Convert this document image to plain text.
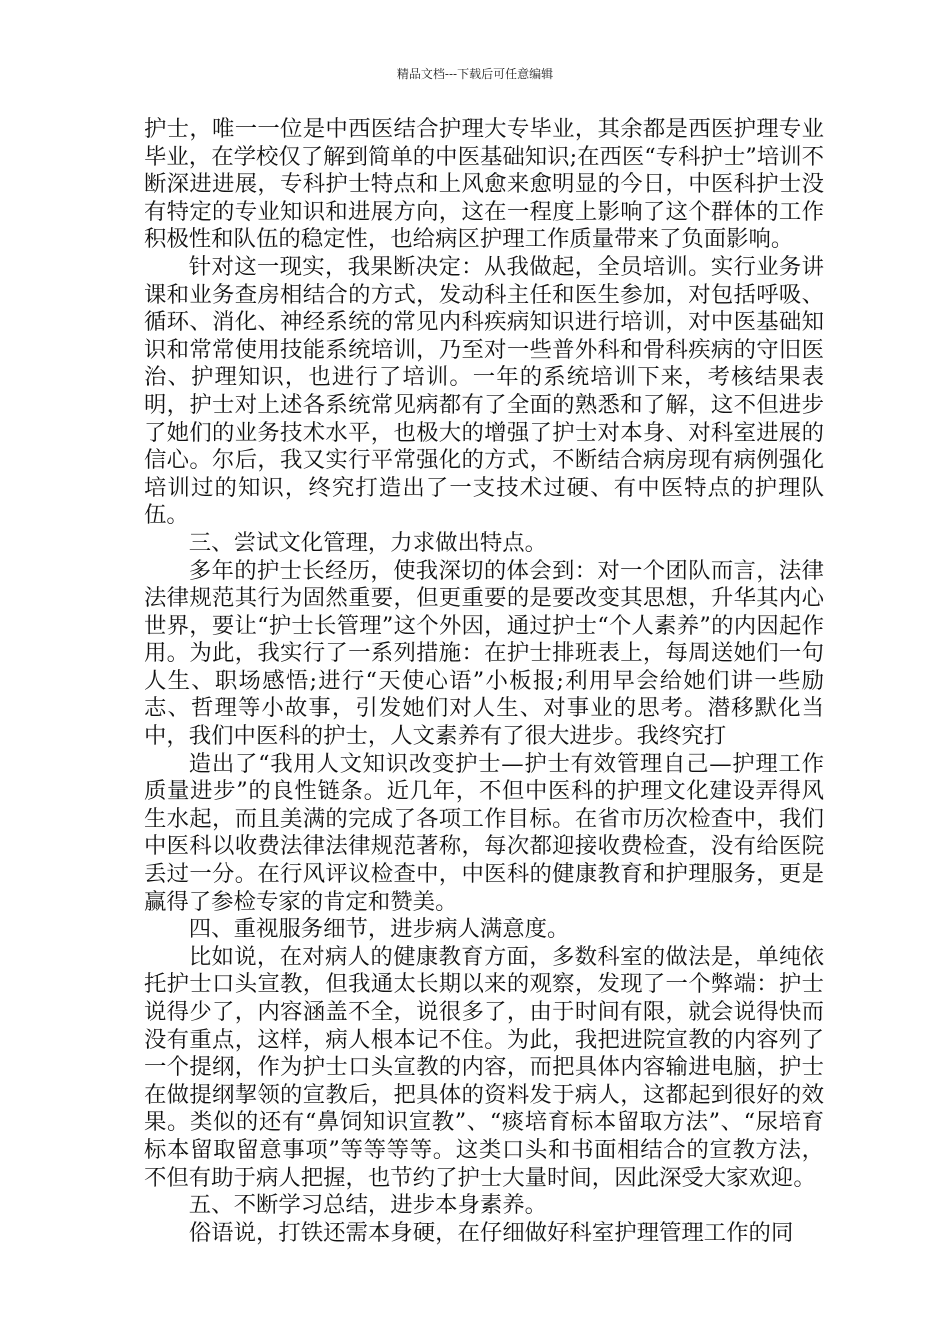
精品文档---下载后可任意编辑

护士，唯一一位是中西医结合护理大专毕业，其余都是西医护理专业毕业，在学校仅了解到简单的中医基础知识;在西医“专科护士”培训不断深进进展，专科护士特点和上风愈来愈明显的今日，中医科护士没有特定的专业知识和进展方向，这在一程度上影响了这个群体的工作积极性和队伍的稳定性，也给病区护理工作质量带来了负面影响。

针对这一现实，我果断决定：从我做起，全员培训。实行业务讲课和业务查房相结合的方式，发动科主任和医生参加，对包括呼吸、循环、消化、神经系统的常见内科疾病知识进行培训，对中医基础知识和常常使用技能系统培训，乃至对一些普外科和骨科疾病的守旧医治、护理知识，也进行了培训。一年的系统培训下来，考核结果表明，护士对上述各系统常见病都有了全面的熟悉和了解，这不但进步了她们的业务技术水平，也极大的增强了护士对本身、对科室进展的信心。尔后，我又实行平常强化的方式，不断结合病房现有病例强化培训过的知识，终究打造出了一支技术过硬、有中医特点的护理队伍。

三、尝试文化管理，力求做出特点。

多年的护士长经历，使我深切的体会到：对一个团队而言，法律法律规范其行为固然重要，但更重要的是要改变其思想，升华其内心世界，要让“护士长管理”这个外因，通过护士“个人素养”的内因起作用。为此，我实行了一系列措施：在护士排班表上，每周送她们一句人生、职场感悟;进行“天使心语”小板报;利用早会给她们讲一些励志、哲理等小故事，引发她们对人生、对事业的思考。潜移默化当中，我们中医科的护士，人文素养有了很大进步。我终究打

造出了“我用人文知识改变护士—护士有效管理自己—护理工作质量进步”的良性链条。近几年，不但中医科的护理文化建设弄得风生水起，而且美满的完成了各项工作目标。在省市历次检查中，我们中医科以收费法律法律规范著称，每次都迎接收费检查，没有给医院丢过一分。在行风评议检查中，中医科的健康教育和护理服务，更是赢得了参检专家的肯定和赞美。

四、重视服务细节，进步病人满意度。

比如说，在对病人的健康教育方面，多数科室的做法是，单纯依托护士口头宣教，但我通太长期以来的观察，发现了一个弊端：护士说得少了，内容涵盖不全，说很多了，由于时间有限，就会说得快而没有重点，这样，病人根本记不住。为此，我把进院宣教的内容列了一个提纲，作为护士口头宣教的内容，而把具体内容输进电脑，护士在做提纲挈领的宣教后，把具体的资料发于病人，这都起到很好的效果。类似的还有“鼻饲知识宣教”、“痰培育标本留取方法”、“尿培育标本留取留意事项”等等等等。这类口头和书面相结合的宣教方法，不但有助于病人把握，也节约了护士大量时间，因此深受大家欢迎。

五、不断学习总结，进步本身素养。

俗语说，打铁还需本身硬，在仔细做好科室护理管理工作的同
